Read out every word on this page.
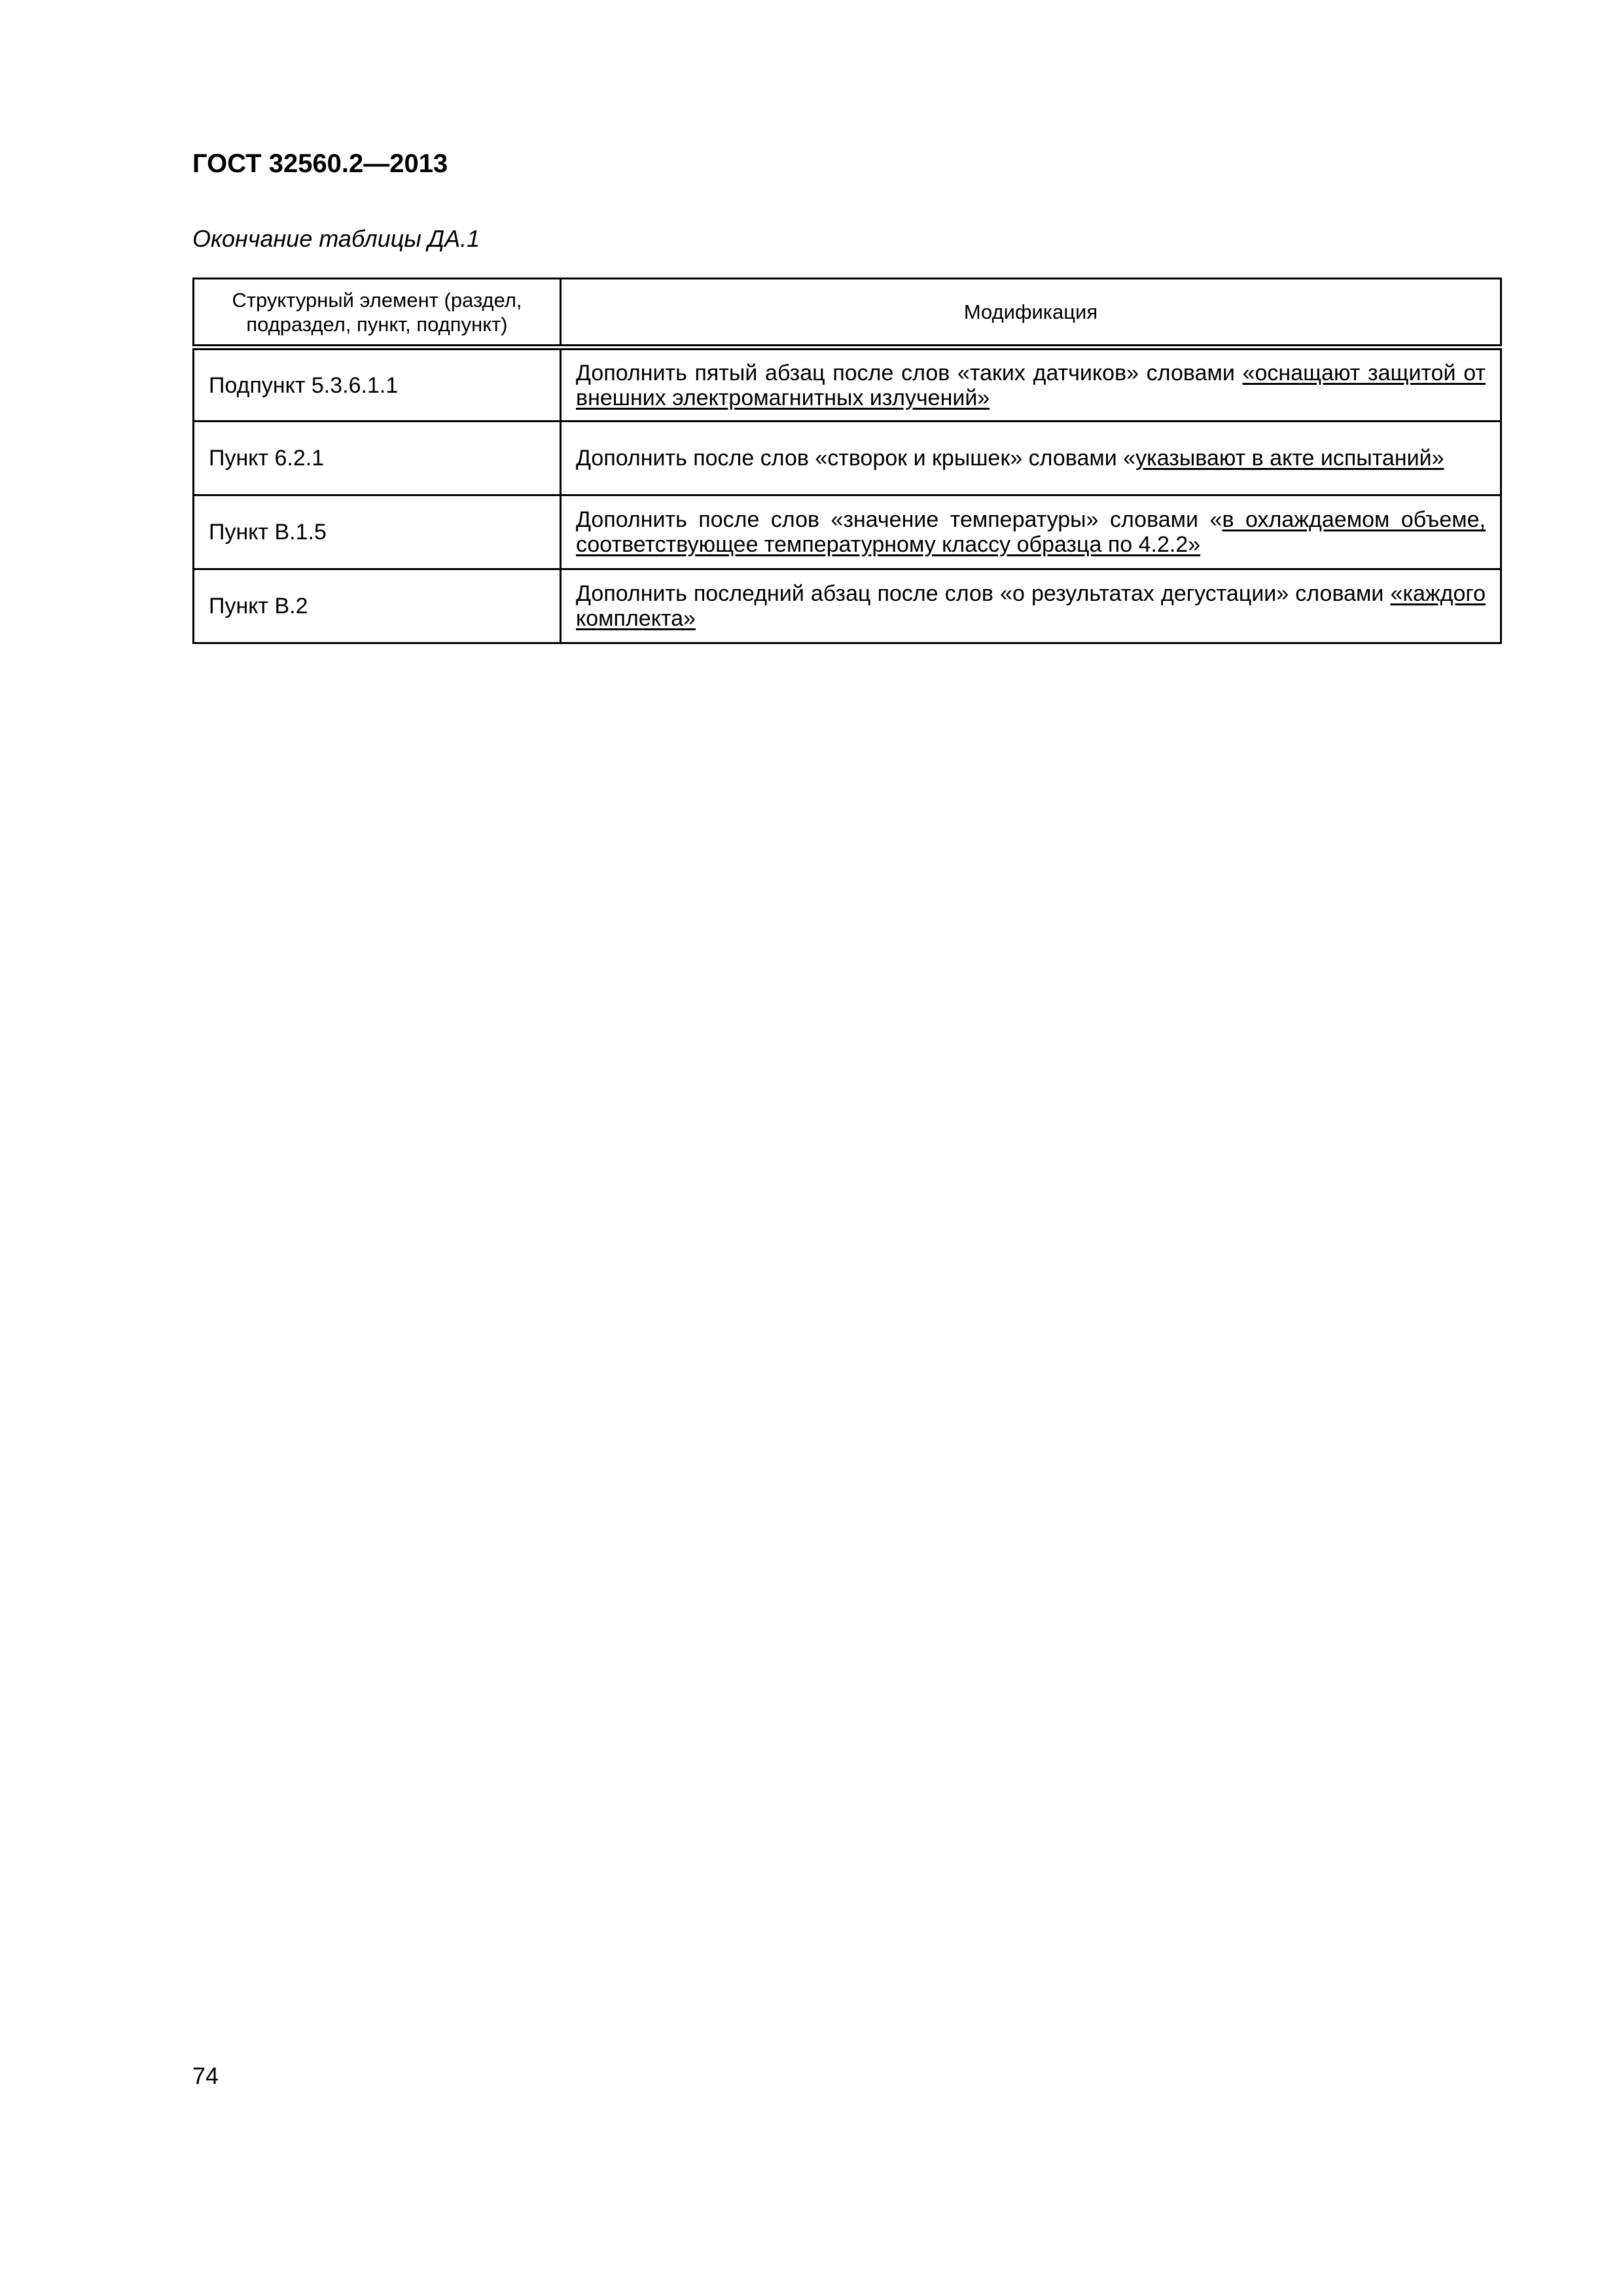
ГОСТ 32560.2—2013
Окончание таблицы ДА.1
Структурный элемент (раздел, подраздел, пункт, подпункт)	Модификация
Подпункт 5.3.6.1.1	Дополнить пятый абзац после слов «таких датчиков» словами «оснащают защитой от внешних электромагнитных излучений»
Пункт 6.2.1	Дополнить после слов «створок и крышек» словами «указывают в акте испытаний»
Пункт В.1.5	Дополнить после слов «значение температуры» словами «в охлаждаемом объеме, соответствующее температурному классу образца по 4.2.2»
Пункт В.2	Дополнить последний абзац после слов «о результатах дегустации» словами «каждого комплекта»
74
